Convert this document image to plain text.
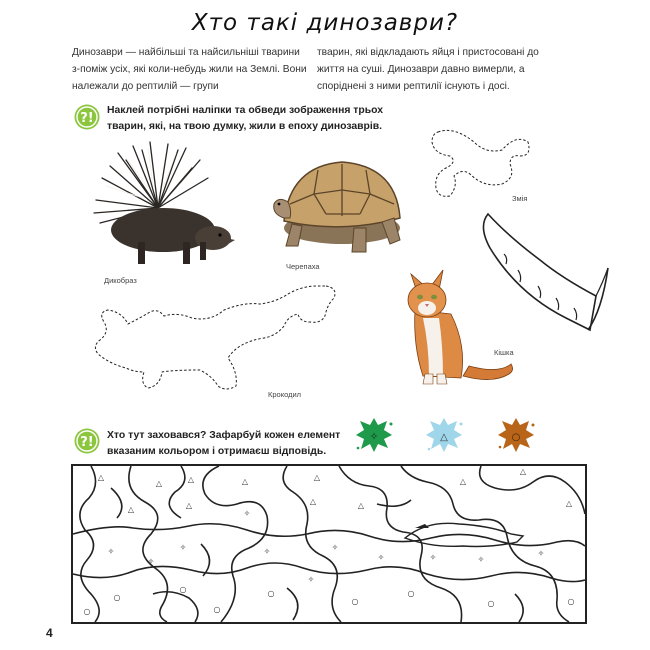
Хто такі динозаври?
Динозаври — найбільші та найсильніші тварини з-поміж усіх, які коли-небудь жили на Землі. Вони належали до рептилій — групи
тварин, які відкладають яйця і пристосовані до життя на суші. Динозаври давно вимерли, а споріднені з ними рептилії існують і досі.
?!
Наклей потрібні наліпки та обведи зображення трьох тварин, які, на твою думку, жили в епоху динозаврів.
Дикобраз
Черепаха
Змія
Кішка
Крокодил
?! Хто тут заховався? Зафарбуй кожен елемент вказаним кольором і отримаєш відповідь.
✧	△	○
△
△	△	△	△
△
△
△
△
△
△
△
✧	✧	✧	✧
✧
✧
✧	✧
✧
○
○	○
○
○
○	○
○	○
✧
✧
4
